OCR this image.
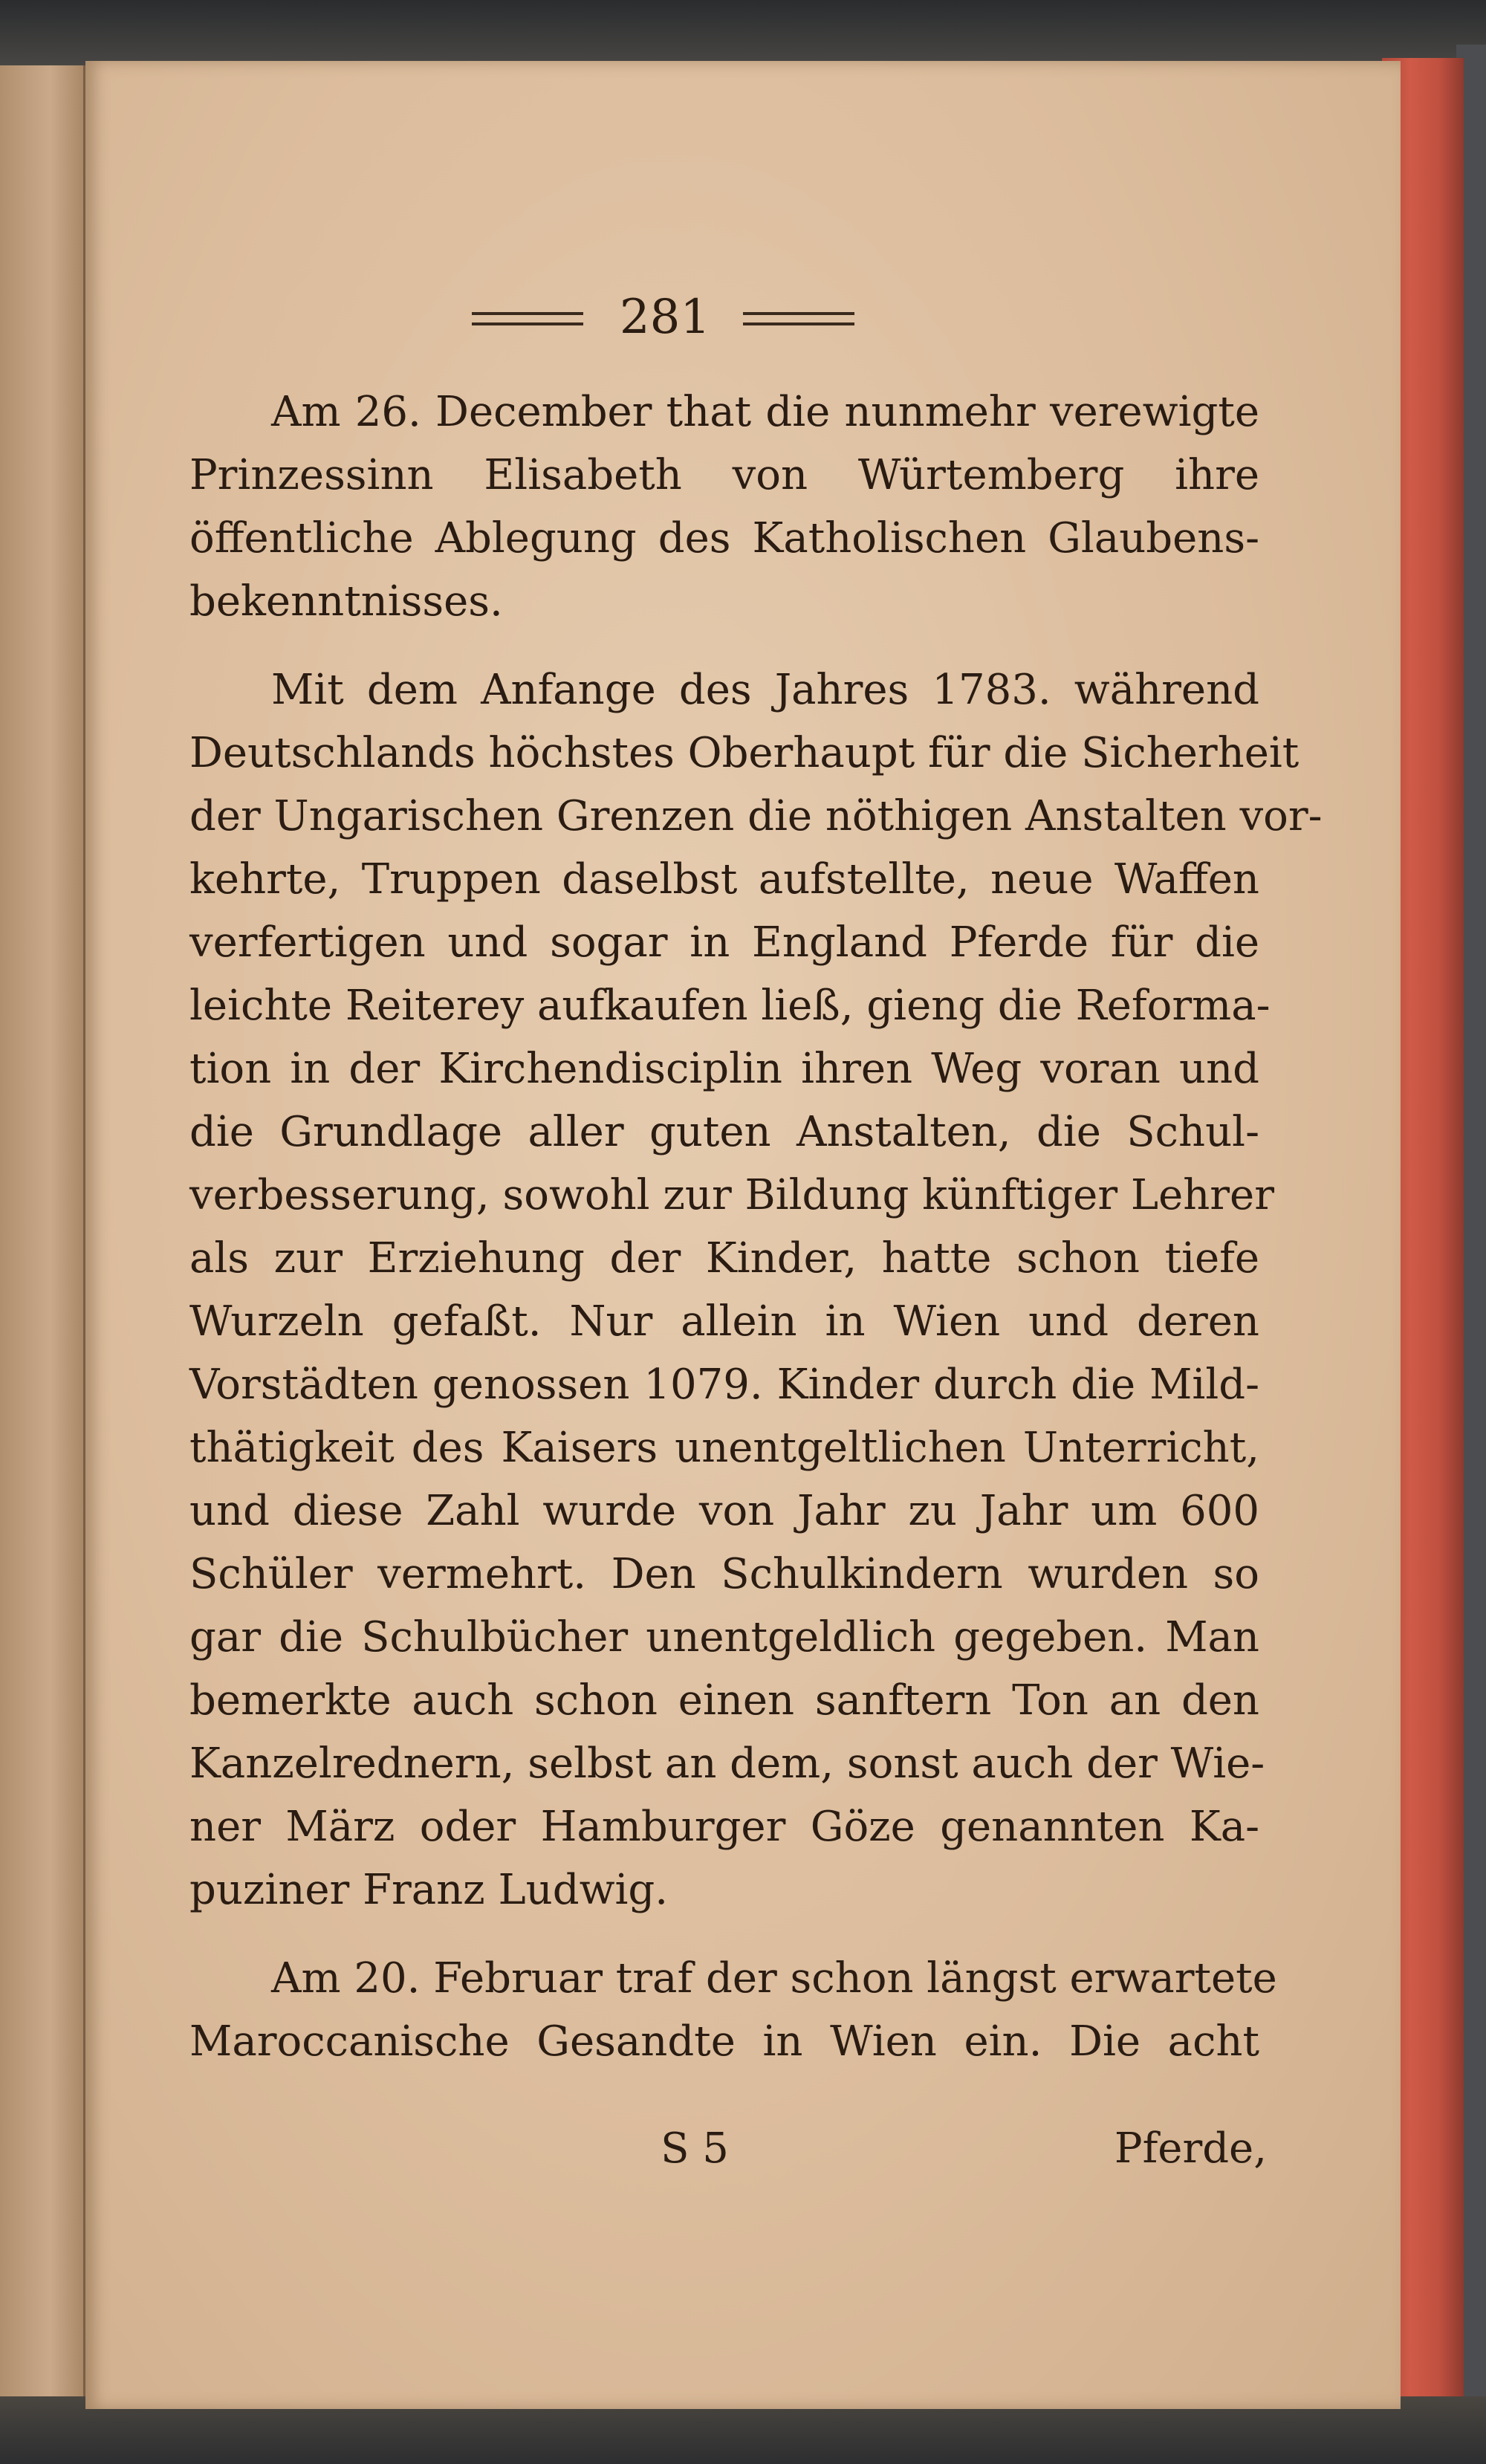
281
Am 26. December that die nunmehr verewigte
Prinzessinn Elisabeth von Würtemberg ihre
öffentliche Ablegung des Katholischen Glaubens-
bekenntnisses.
Mit dem Anfange des Jahres 1783. während
Deutschlands höchstes Oberhaupt für die Sicherheit
der Ungarischen Grenzen die nöthigen Anstalten vor-
kehrte, Truppen daselbst aufstellte, neue Waffen
verfertigen und sogar in England Pferde für die
leichte Reiterey aufkaufen ließ, gieng die Reforma-
tion in der Kirchendisciplin ihren Weg voran und
die Grundlage aller guten Anstalten, die Schul-
verbesserung, sowohl zur Bildung künftiger Lehrer
als zur Erziehung der Kinder, hatte schon tiefe
Wurzeln gefaßt. Nur allein in Wien und deren
Vorstädten genossen 1079. Kinder durch die Mild-
thätigkeit des Kaisers unentgeltlichen Unterricht,
und diese Zahl wurde von Jahr zu Jahr um 600
Schüler vermehrt. Den Schulkindern wurden so
gar die Schulbücher unentgeldlich gegeben. Man
bemerkte auch schon einen sanftern Ton an den
Kanzelrednern, selbst an dem, sonst auch der Wie-
ner März oder Hamburger Göze genannten Ka-
puziner Franz Ludwig.
Am 20. Februar traf der schon längst erwartete
Maroccanische Gesandte in Wien ein. Die acht
S 5	Pferde,
